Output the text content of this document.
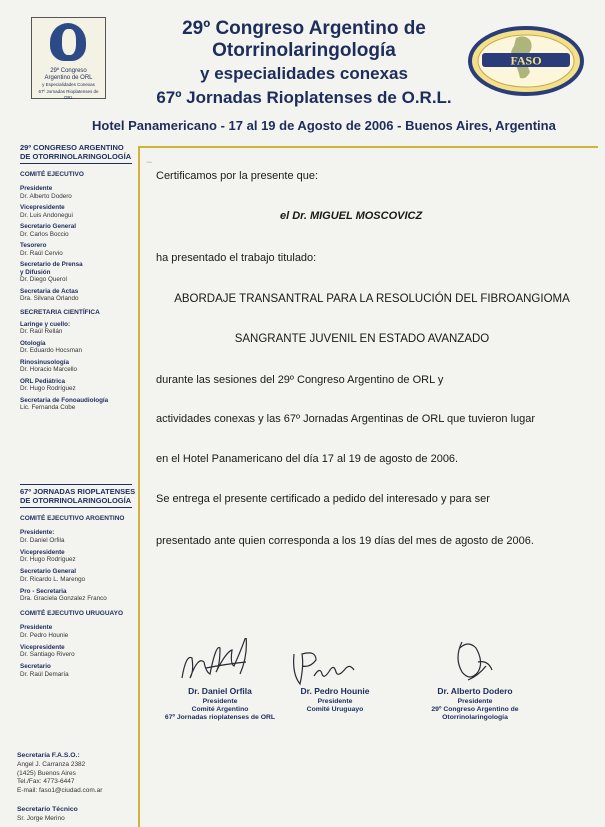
~
29º Congreso
Argentino de ORL
y Especialidades Conexas
67º Jornadas Rioplatenses de ORL
29º Congreso Argentino de
Otorrinolaringología
y especialidades conexas
67º Jornadas Rioplatenses de O.R.L.
Hotel Panamericano - 17 al 19 de Agosto de 2006 - Buenos Aires, Argentina
FASO
29º CONGRESO ARGENTINO
DE OTORRINOLARINGOLOGÍA
COMITÉ EJECUTIVO
Presidente
Dr. Alberto Dodero
Vicepresidente
Dr. Luis Andonegui
Secretario General
Dr. Carlos Boccio
Tesorero
Dr. Raúl Cervio
Secretario de Prensa
y Difusión
Dr. Diego Querol
Secretaria de Actas
Dra. Silvana Orlando
SECRETARIA CIENTÍFICA
Laringe y cuello:
Dr. Raúl Rellán
Otología
Dr. Eduardo Hocsman
Rinosinusología
Dr. Horacio Marcello
ORL Pediátrica
Dr. Hugo Rodríguez
Secretaria de Fonoaudiología
Lic. Fernanda Cobe
67º JORNADAS RIOPLATENSES
DE OTORRINOLARINGOLOGÍA
COMITÉ EJECUTIVO ARGENTINO
Presidente:
Dr. Daniel Orfila
Vicepresidente
Dr. Hugo Rodríguez
Secretario General
Dr. Ricardo L. Marengo
Pro - Secretaria
Dra. Graciela Gonzalez Franco
COMITÉ EJECUTIVO URUGUAYO
Presidente
Dr. Pedro Hounie
Vicepresidente
Dr. Santiago Rivero
Secretario
Dr. Raúl Demaría
Certificamos por la presente que:
el Dr. MIGUEL MOSCOVICZ
ha presentado el trabajo titulado:
ABORDAJE TRANSANTRAL PARA LA RESOLUCIÓN DEL FIBROANGIOMA
SANGRANTE JUVENIL EN ESTADO AVANZADO
durante las sesiones del 29º Congreso Argentino de ORL y
actividades conexas y las 67º Jornadas Argentinas de ORL que tuvieron lugar
en el Hotel Panamericano del día 17 al 19 de agosto de 2006.
Se entrega el presente certificado a pedido del interesado y para ser
presentado ante quien corresponda a los 19 días del mes de agosto de 2006.
Dr. Daniel Orfila
Presidente
Comité Argentino
67º Jornadas rioplatenses de ORL
Dr. Pedro Hounie
Presidente
Comité Uruguayo
Dr. Alberto Dodero
Presidente
29º Congreso Argentino de
Otorrinolaringología
Secretaría F.A.S.O.:
Angel J. Carranza 2382
(1425) Buenos Aires
Tel./Fax: 4773-6447
E-mail: faso1@ciudad.com.ar
Secretario Técnico
Sr. Jorge Merino
